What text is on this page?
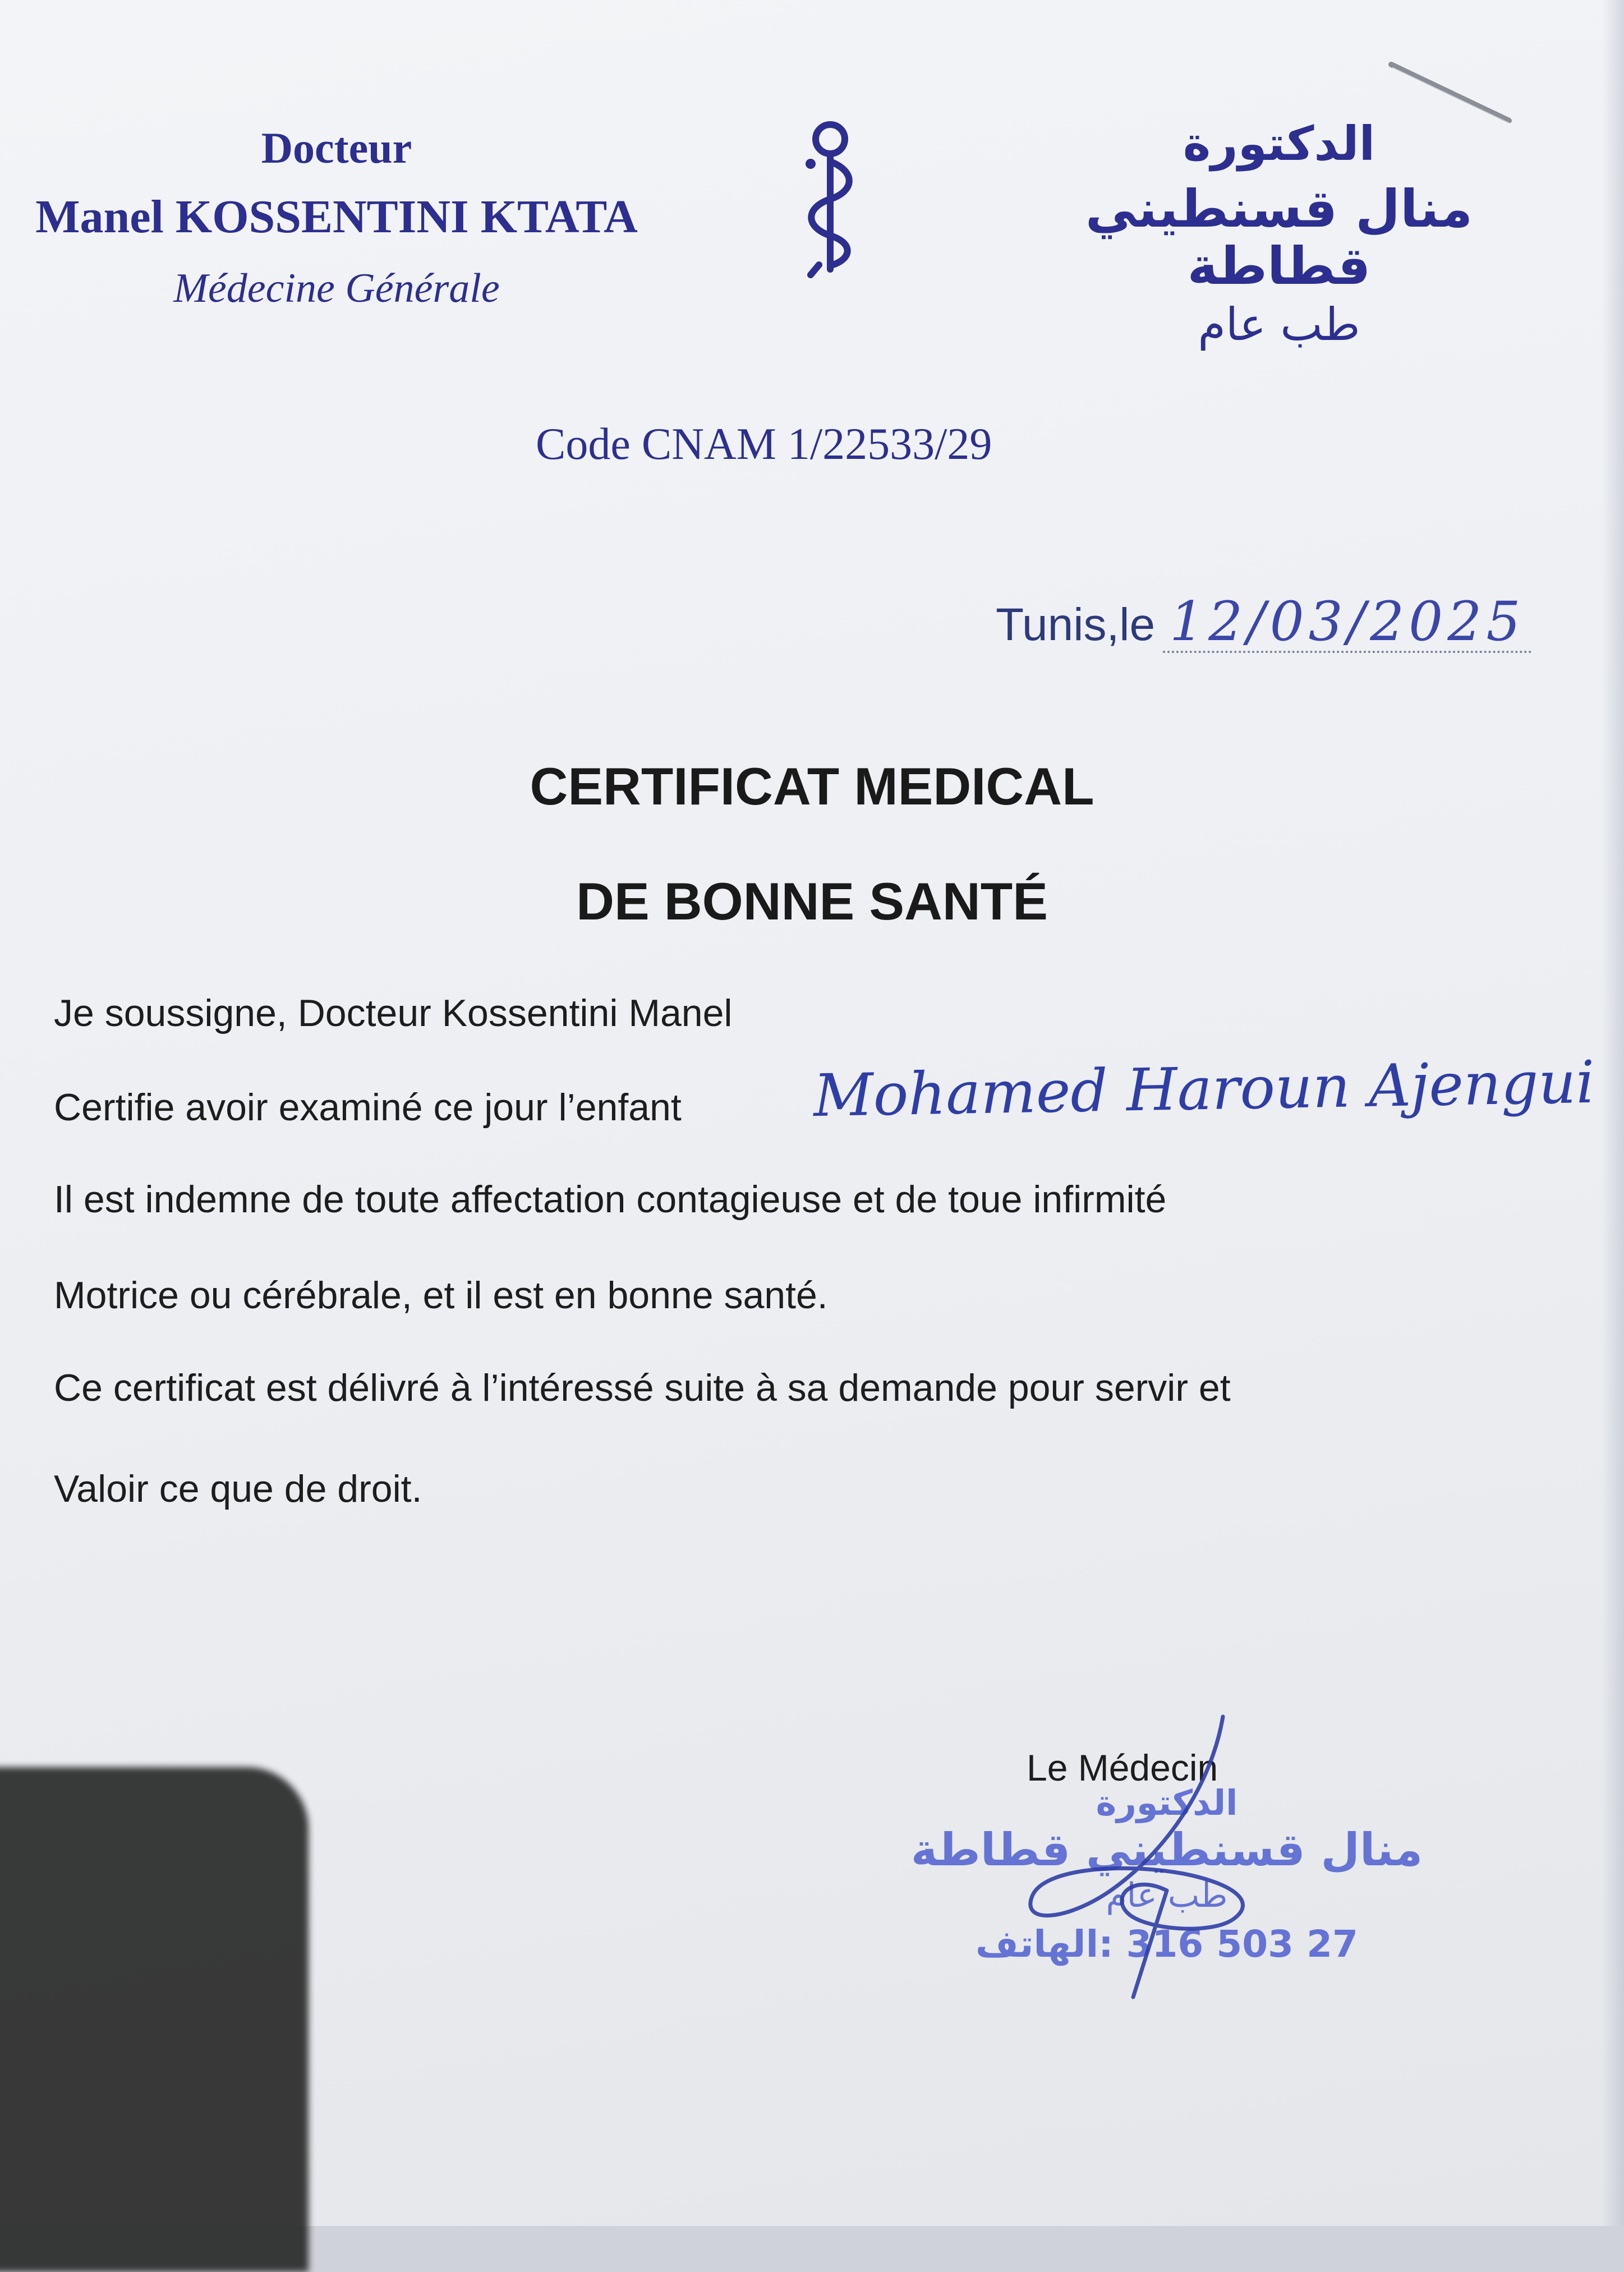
Docteur
Manel KOSSENTINI KTATA
Médecine Générale
الدكتورة
منال قسنطيني قطاطة
طب عام
Code CNAM 1/22533/29
Tunis,le 12/03/2025
CERTIFICAT MEDICAL
DE BONNE SANTÉ
Je soussigne, Docteur Kossentini Manel
Certifie avoir examiné ce jour l’enfant Mohamed Haroun Ajengui
Il est indemne de toute affectation contagieuse et de toue infirmité
Motrice ou cérébrale, et il est en bonne santé.
Ce certificat est délivré à l’intéressé suite à sa demande pour servir et
Valoir ce que de droit.
Le Médecin
الدكتورة
منال قسنطيني قطاطة
طب عام
27 503 316 :الهاتف
